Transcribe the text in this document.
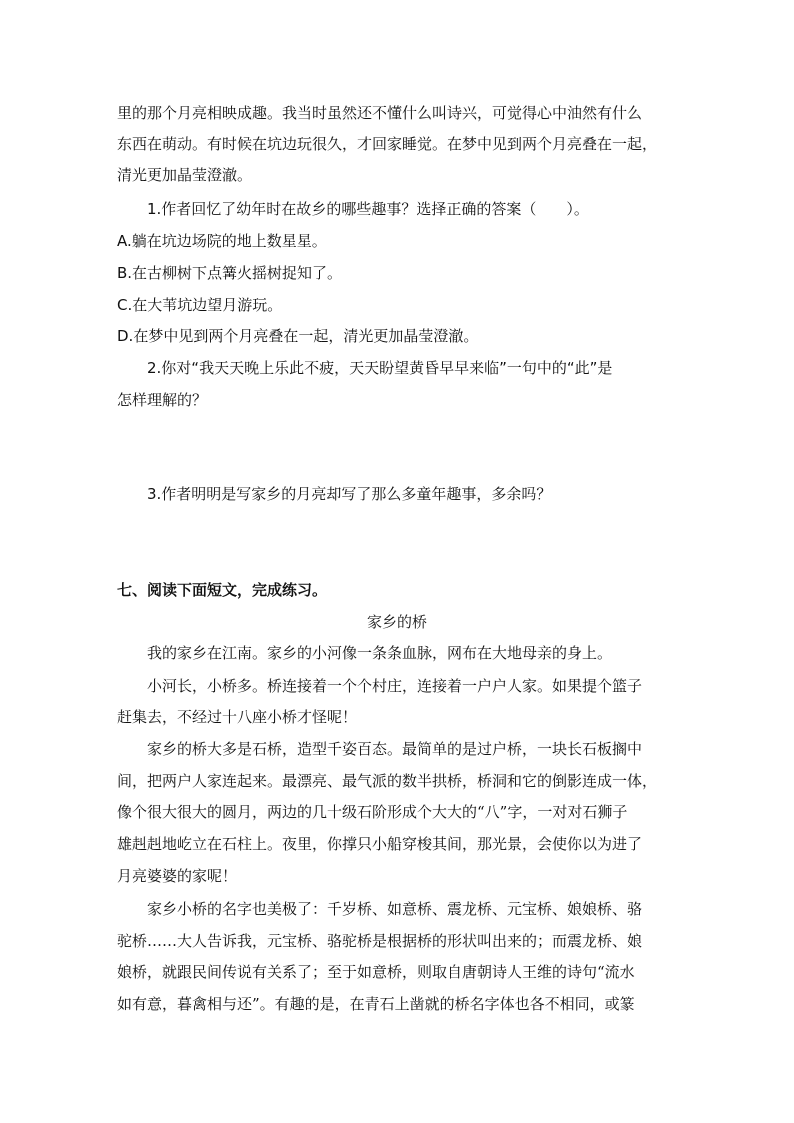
里的那个月亮相映成趣。我当时虽然还不懂什么叫诗兴，可觉得心中油然有什么
东西在萌动。有时候在坑边玩很久，才回家睡觉。在梦中见到两个月亮叠在一起，
清光更加晶莹澄澈。
1.作者回忆了幼年时在故乡的哪些趣事？选择正确的答案（　　）。
A.躺在坑边场院的地上数星星。
B.在古柳树下点篝火摇树捉知了。
C.在大苇坑边望月游玩。
D.在梦中见到两个月亮叠在一起，清光更加晶莹澄澈。
2.你对“我天天晚上乐此不疲，天天盼望黄昏早早来临”一句中的“此”是
怎样理解的？
3.作者明明是写家乡的月亮却写了那么多童年趣事，多余吗？
七、阅读下面短文，完成练习。
家乡的桥
我的家乡在江南。家乡的小河像一条条血脉，网布在大地母亲的身上。
小河长，小桥多。桥连接着一个个村庄，连接着一户户人家。如果提个篮子
赶集去，不经过十八座小桥才怪呢！
家乡的桥大多是石桥，造型千姿百态。最简单的是过户桥，一块长石板搁中
间，把两户人家连起来。最漂亮、最气派的数半拱桥，桥洞和它的倒影连成一体，
像个很大很大的圆月，两边的几十级石阶形成个大大的“八”字，一对对石狮子
雄赳赳地屹立在石柱上。夜里，你撑只小船穿梭其间，那光景，会使你以为进了
月亮婆婆的家呢！
家乡小桥的名字也美极了：千岁桥、如意桥、震龙桥、元宝桥、娘娘桥、骆
驼桥……大人告诉我，元宝桥、骆驼桥是根据桥的形状叫出来的；而震龙桥、娘
娘桥，就跟民间传说有关系了；至于如意桥，则取自唐朝诗人王维的诗句“流水
如有意，暮禽相与还”。有趣的是，在青石上凿就的桥名字体也各不相同，或篆
